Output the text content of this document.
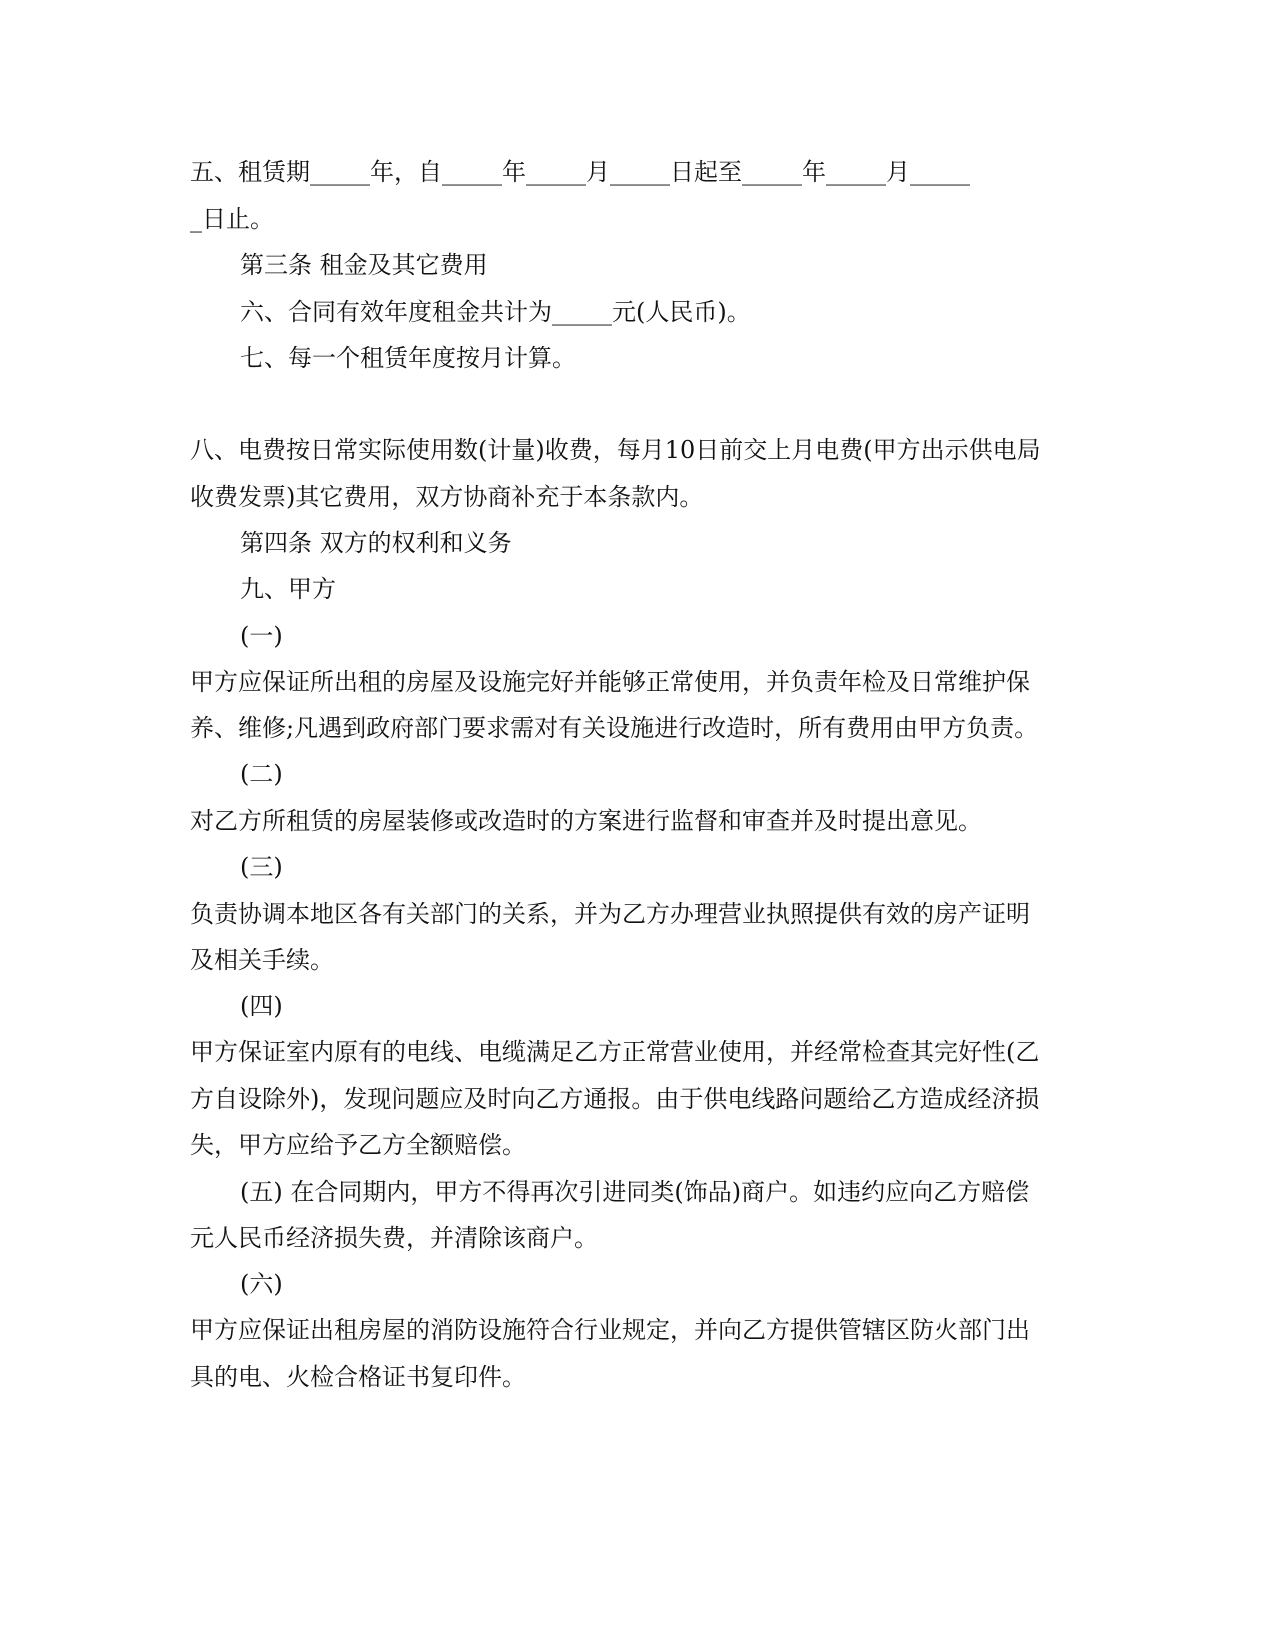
五、租赁期_____年，自_____年_____月_____日起至_____年_____月_____

_日止。

第三条 租金及其它费用

六、合同有效年度租金共计为_____元(人民币)。

七、每一个租赁年度按月计算。

八、电费按日常实际使用数(计量)收费，每月10日前交上月电费(甲方出示供电局

收费发票)其它费用，双方协商补充于本条款内。

第四条 双方的权利和义务

九、甲方

(一)

甲方应保证所出租的房屋及设施完好并能够正常使用，并负责年检及日常维护保

养、维修;凡遇到政府部门要求需对有关设施进行改造时，所有费用由甲方负责。

(二)

对乙方所租赁的房屋装修或改造时的方案进行监督和审查并及时提出意见。

(三)

负责协调本地区各有关部门的关系，并为乙方办理营业执照提供有效的房产证明

及相关手续。

(四)

甲方保证室内原有的电线、电缆满足乙方正常营业使用，并经常检查其完好性(乙

方自设除外)，发现问题应及时向乙方通报。由于供电线路问题给乙方造成经济损

失，甲方应给予乙方全额赔偿。

(五) 在合同期内，甲方不得再次引进同类(饰品)商户。如违约应向乙方赔偿

元人民币经济损失费，并清除该商户。

(六)

甲方应保证出租房屋的消防设施符合行业规定，并向乙方提供管辖区防火部门出

具的电、火检合格证书复印件。
